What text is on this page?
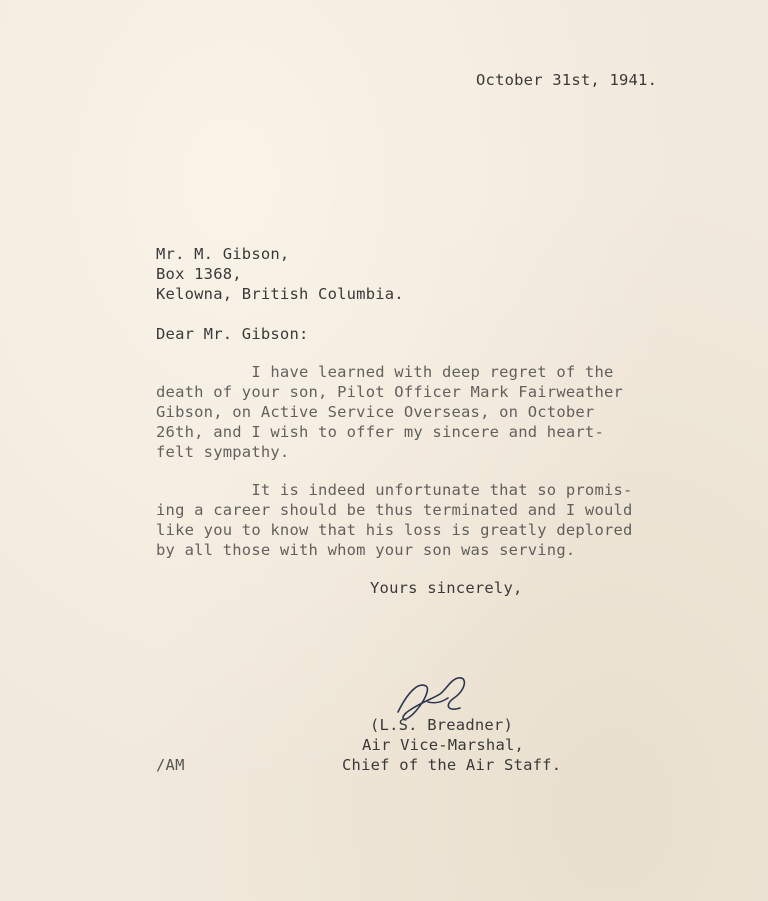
October 31st, 1941.
Mr. M. Gibson,
Box 1368,
Kelowna, British Columbia.
Dear Mr. Gibson:
I have learned with deep regret of the
death of your son, Pilot Officer Mark Fairweather
Gibson, on Active Service Overseas, on October
26th, and I wish to offer my sincere and heart-
felt sympathy.
It is indeed unfortunate that so promis-
ing a career should be thus terminated and I would
like you to know that his loss is greatly deplored
by all those with whom your son was serving.
Yours sincerely,
(L.S. Breadner)
Air Vice-Marshal,
Chief of the Air Staff.
/AM
